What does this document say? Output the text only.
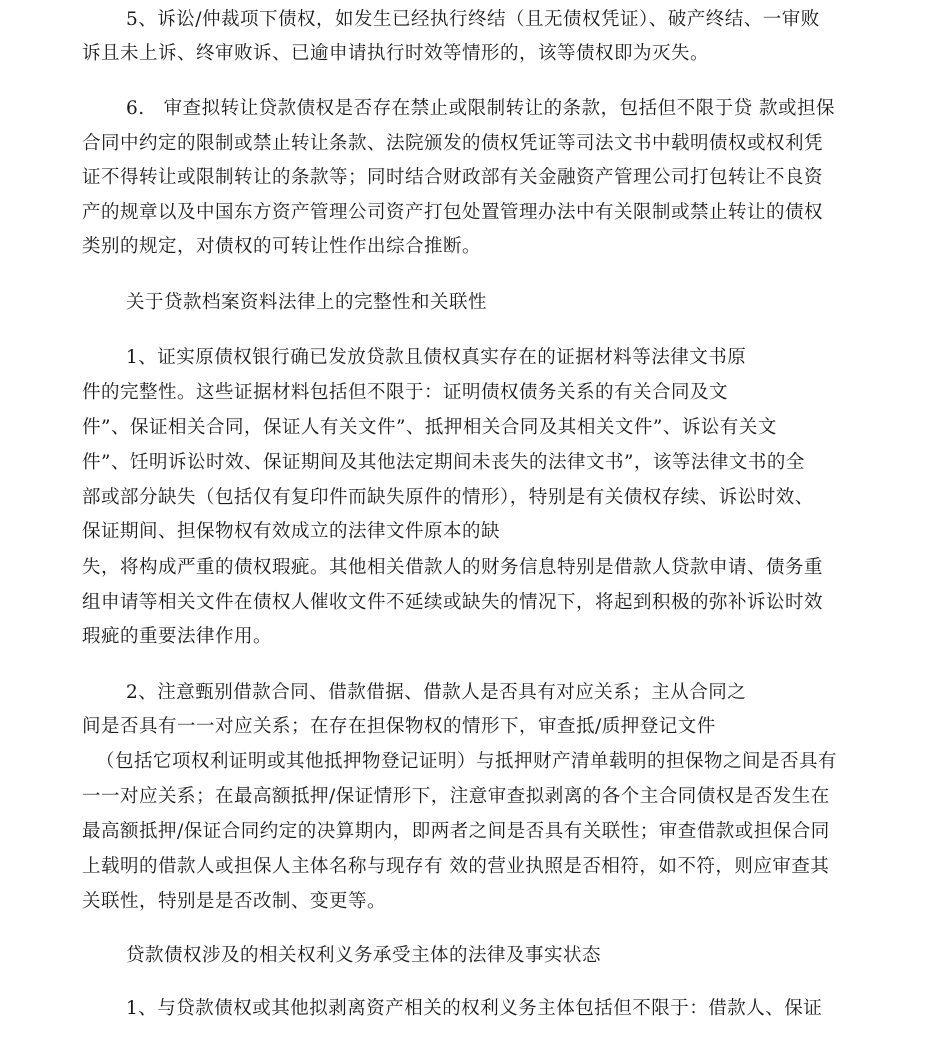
5、诉讼/仲裁项下债权，如发生已经执行终结（且无债权凭证）、破产终结、一审败

诉且未上诉、终审败诉、已逾申请执行时效等情形的，该等债权即为灭失。

6.　审查拟转让贷款债权是否存在禁止或限制转让的条款，包括但不限于贷 款或担保

合同中约定的限制或禁止转让条款、法院颁发的债权凭证等司法文书中载明债权或权利凭

证不得转让或限制转让的条款等；同时结合财政部有关金融资产管理公司打包转让不良资

产的规章以及中国东方资产管理公司资产打包处置管理办法中有关限制或禁止转让的债权

类别的规定，对债权的可转让性作出综合推断。

关于贷款档案资料法律上的完整性和关联性

1、证实原债权银行确已发放贷款且债权真实存在的证据材料等法律文书原

件的完整性。这些证据材料包括但不限于：证明债权债务关系的有关合同及文

件”、保证相关合同，保证人有关文件”、抵押相关合同及其相关文件”、诉讼有关文

件”、饪明诉讼时效、保证期间及其他法定期间未丧失的法律文书”，该等法律文书的全

部或部分缺失（包括仅有复印件而缺失原件的情形），特别是有关债权存续、诉讼时效、

保证期间、担保物权有效成立的法律文件原本的缺

失，将构成严重的债权瑕疵。其他相关借款人的财务信息特别是借款人贷款申请、债务重

组申请等相关文件在债权人催收文件不延续或缺失的情况下，将起到积极的弥补诉讼时效

瑕疵的重要法律作用。

2、注意甄别借款合同、借款借据、借款人是否具有对应关系；主从合同之

间是否具有一一对应关系；在存在担保物权的情形下，审查抵/质押登记文件

（包括它项权利证明或其他抵押物登记证明）与抵押财产清单载明的担保物之间是否具有

一一对应关系；在最高额抵押/保证情形下，注意审查拟剥离的各个主合同债权是否发生在

最高额抵押/保证合同约定的决算期内，即两者之间是否具有关联性；审查借款或担保合同

上载明的借款人或担保人主体名称与现存有 效的营业执照是否相符，如不符，则应审查其

关联性，特别是是否改制、变更等。

贷款债权涉及的相关权利义务承受主体的法律及事实状态

1、与贷款债权或其他拟剥离资产相关的权利义务主体包括但不限于：借款人、保证
